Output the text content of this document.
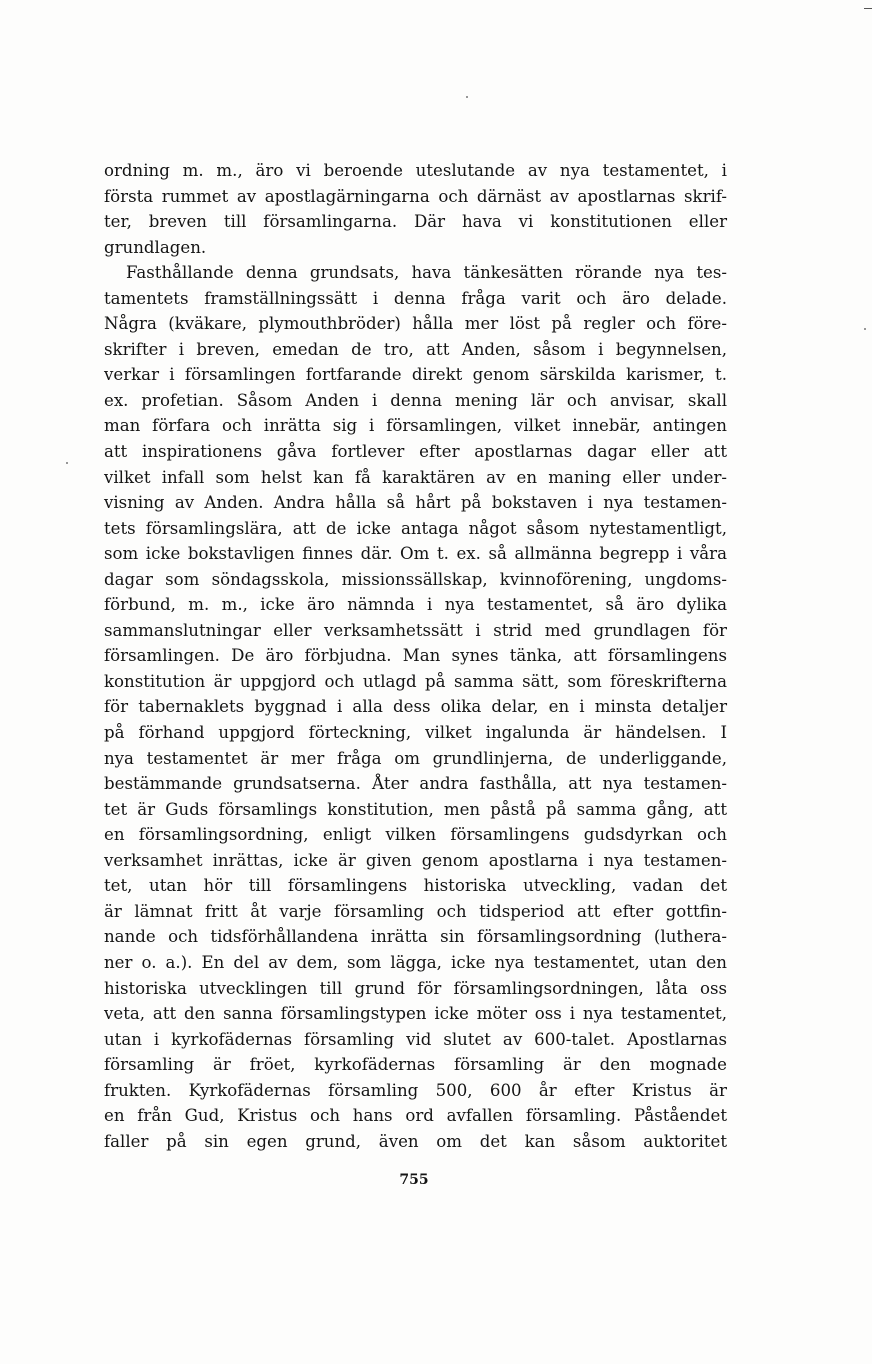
ordning m. m., äro vi beroende uteslutande av nya testamentet, i
första rummet av apostlagärningarna och därnäst av apostlarnas skrif-
ter, breven till församlingarna. Där hava vi konstitutionen eller
grundlagen.
Fasthållande denna grundsats, hava tänkesätten rörande nya tes-
tamentets framställningssätt i denna fråga varit och äro delade.
Några (kväkare, plymouthbröder) hålla mer löst på regler och före-
skrifter i breven, emedan de tro, att Anden, såsom i begynnelsen,
verkar i församlingen fortfarande direkt genom särskilda karismer, t.
ex. profetian. Såsom Anden i denna mening lär och anvisar, skall
man förfara och inrätta sig i församlingen, vilket innebär, antingen
att inspirationens gåva fortlever efter apostlarnas dagar eller att
vilket infall som helst kan få karaktären av en maning eller under-
visning av Anden. Andra hålla så hårt på bokstaven i nya testamen-
tets församlingslära, att de icke antaga något såsom nytestamentligt,
som icke bokstavligen finnes där. Om t. ex. så allmänna begrepp i våra
dagar som söndagsskola, missionssällskap, kvinnoförening, ungdoms-
förbund, m. m., icke äro nämnda i nya testamentet, så äro dylika
sammanslutningar eller verksamhetssätt i strid med grundlagen för
församlingen. De äro förbjudna. Man synes tänka, att församlingens
konstitution är uppgjord och utlagd på samma sätt, som föreskrifterna
för tabernaklets byggnad i alla dess olika delar, en i minsta detaljer
på förhand uppgjord förteckning, vilket ingalunda är händelsen. I
nya testamentet är mer fråga om grundlinjerna, de underliggande,
bestämmande grundsatserna. Åter andra fasthålla, att nya testamen-
tet är Guds församlings konstitution, men påstå på samma gång, att
en församlingsordning, enligt vilken församlingens gudsdyrkan och
verksamhet inrättas, icke är given genom apostlarna i nya testamen-
tet, utan hör till församlingens historiska utveckling, vadan det
är lämnat fritt åt varje församling och tidsperiod att efter gottfin-
nande och tidsförhållandena inrätta sin församlingsordning (luthera-
ner o. a.). En del av dem, som lägga, icke nya testamentet, utan den
historiska utvecklingen till grund för församlingsordningen, låta oss
veta, att den sanna församlingstypen icke möter oss i nya testamentet,
utan i kyrkofädernas församling vid slutet av 600-talet. Apostlarnas
församling är fröet, kyrkofädernas församling är den mognade
frukten. Kyrkofädernas församling 500, 600 år efter Kristus är
en från Gud, Kristus och hans ord avfallen församling. Påståendet
faller på sin egen grund, även om det kan såsom auktoritet
755
